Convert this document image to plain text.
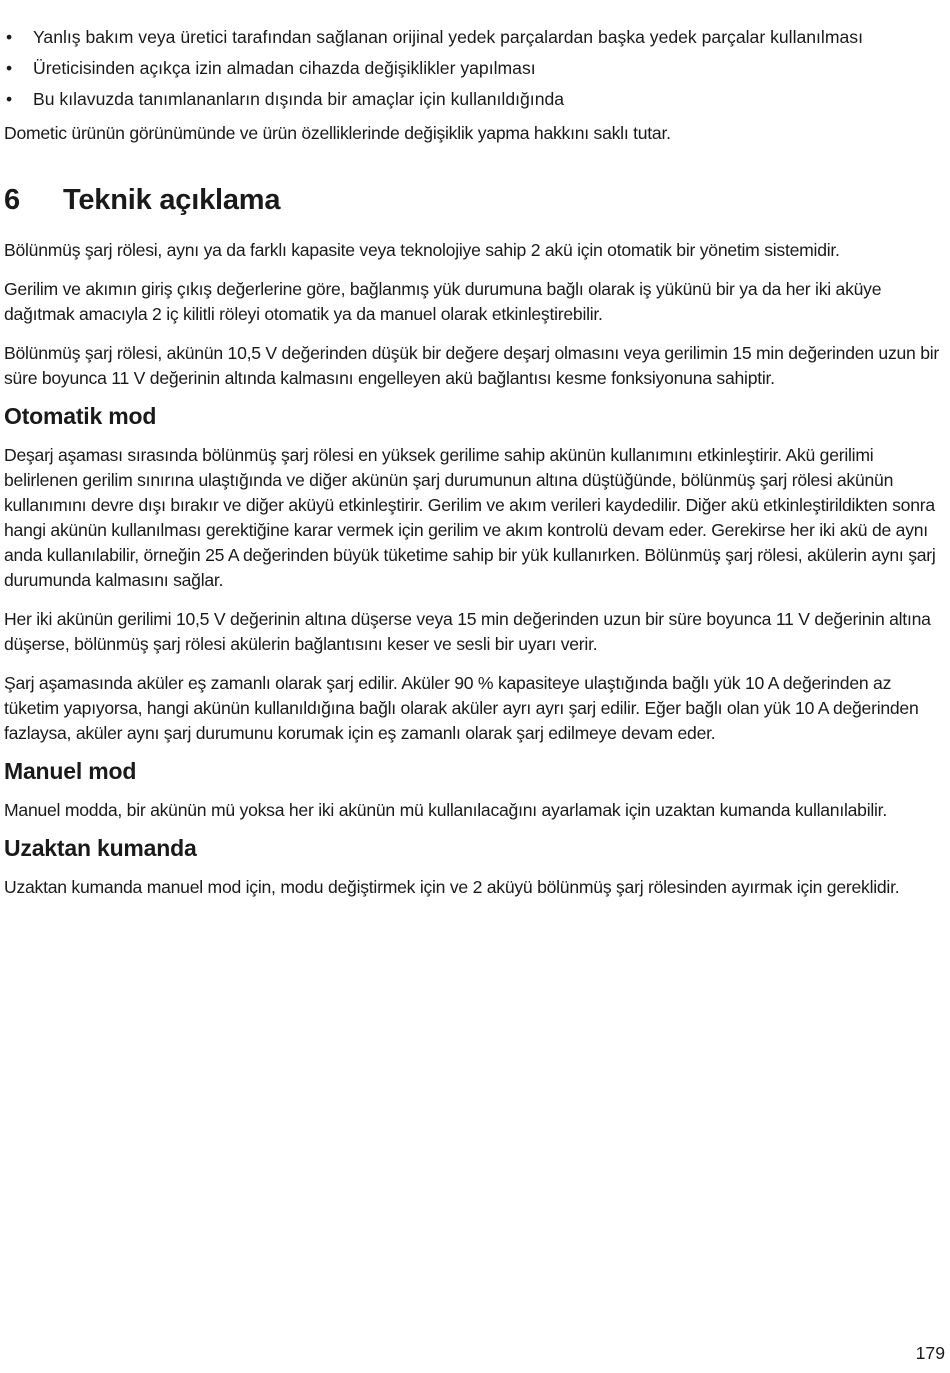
• Yanlış bakım veya üretici tarafından sağlanan orijinal yedek parçalardan başka yedek parçalar kullanılması
• Üreticisinden açıkça izin almadan cihazda değişiklikler yapılması
• Bu kılavuzda tanımlananların dışında bir amaçlar için kullanıldığında

Dometic ürünün görünümünde ve ürün özelliklerinde değişiklik yapma hakkını saklı tutar.

6	Teknik açıklama

Bölünmüş şarj rölesi, aynı ya da farklı kapasite veya teknolojiye sahip 2 akü için otomatik bir yönetim sistemidir.

Gerilim ve akımın giriş çıkış değerlerine göre, bağlanmış yük durumuna bağlı olarak iş yükünü bir ya da her iki aküye dağıtmak amacıyla 2 iç kilitli röleyi otomatik ya da manuel olarak etkinleştirebilir.

Bölünmüş şarj rölesi, akünün 10,5 V değerinden düşük bir değere deşarj olmasını veya gerilimin 15 min değerinden uzun bir süre boyunca 11 V değerinin altında kalmasını engelleyen akü bağlantısı kesme fonksiyonuna sahiptir.

Otomatik mod

Deşarj aşaması sırasında bölünmüş şarj rölesi en yüksek gerilime sahip akünün kullanımını etkinleştirir. Akü gerilimi belirlenen gerilim sınırına ulaştığında ve diğer akünün şarj durumunun altına düştüğünde, bölünmüş şarj rölesi akünün kullanımını devre dışı bırakır ve diğer aküyü etkinleştirir. Gerilim ve akım verileri kaydedilir. Diğer akü etkinleştirildikten sonra hangi akünün kullanılması gerektiğine karar vermek için gerilim ve akım kontrolü devam eder. Gerekirse her iki akü de aynı anda kullanılabilir, örneğin 25 A değerinden büyük tüketime sahip bir yük kullanırken. Bölünmüş şarj rölesi, akülerin aynı şarj durumunda kalmasını sağlar.

Her iki akünün gerilimi 10,5 V değerinin altına düşerse veya 15 min değerinden uzun bir süre boyunca 11 V değerinin altına düşerse, bölünmüş şarj rölesi akülerin bağlantısını keser ve sesli bir uyarı verir.

Şarj aşamasında aküler eş zamanlı olarak şarj edilir. Aküler 90 % kapasiteye ulaştığında bağlı yük 10 A değerinden az tüketim yapıyorsa, hangi akünün kullanıldığına bağlı olarak aküler ayrı ayrı şarj edilir. Eğer bağlı olan yük 10 A değerinden fazlaysa, aküler aynı şarj durumunu korumak için eş zamanlı olarak şarj edilmeye devam eder.

Manuel mod

Manuel modda, bir akünün mü yoksa her iki akünün mü kullanılacağını ayarlamak için uzaktan kumanda kullanılabilir.

Uzaktan kumanda

Uzaktan kumanda manuel mod için, modu değiştirmek için ve 2 aküyü bölünmüş şarj rölesinden ayırmak için gereklidir.

179
